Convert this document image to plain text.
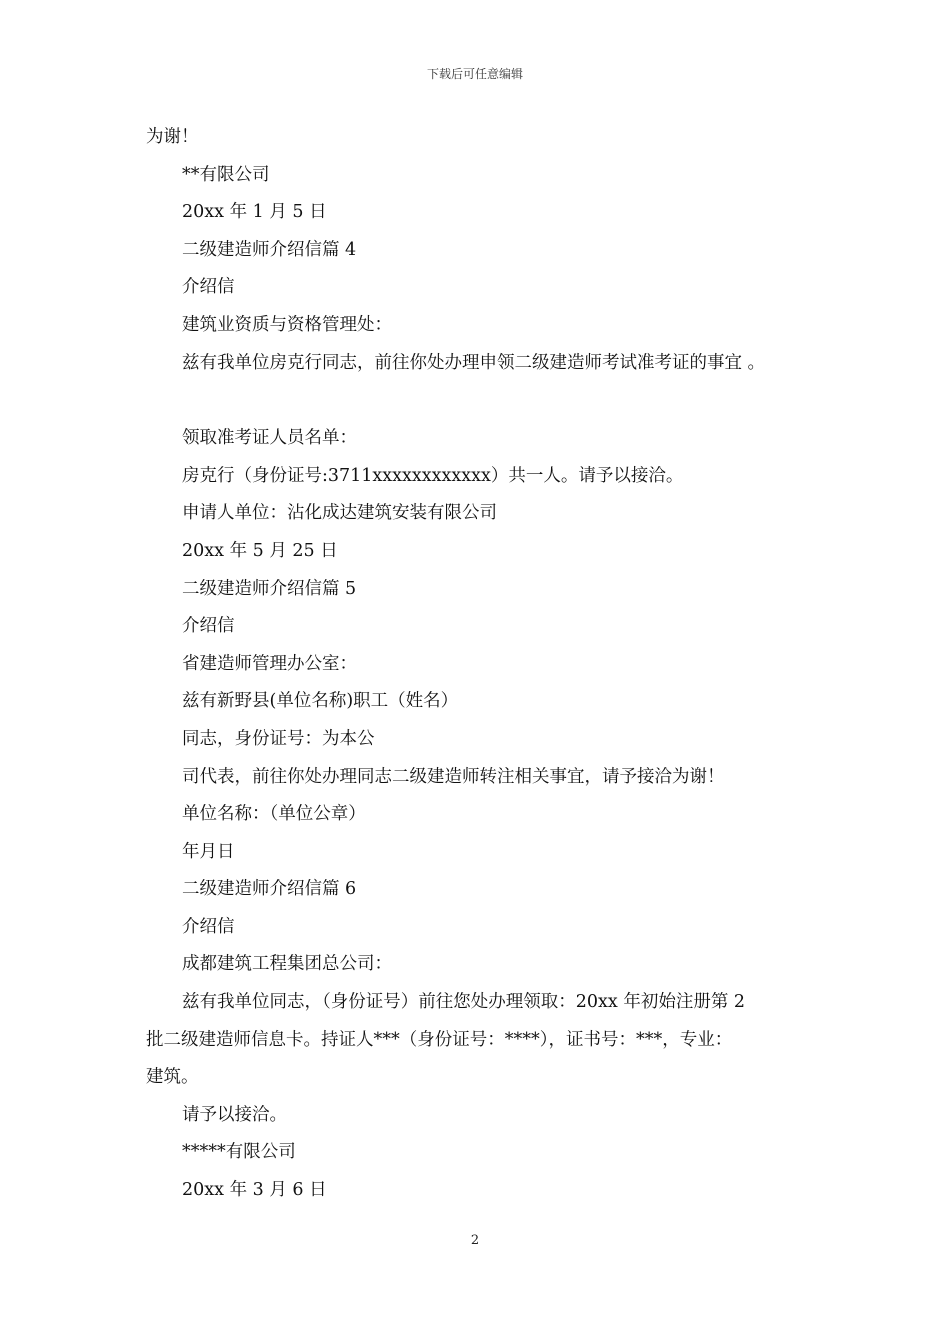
下载后可任意编辑

为谢！

**有限公司

20xx 年 1 月 5 日

二级建造师介绍信篇 4

介绍信

建筑业资质与资格管理处：

兹有我单位房克行同志，前往你处办理申领二级建造师考试准考证的事宜 。

领取准考证人员名单：

房克行（身份证号:3711xxxxxxxxxxxx）共一人。请予以接洽。

申请人单位：沾化成达建筑安装有限公司

20xx 年 5 月 25 日

二级建造师介绍信篇 5

介绍信

省建造师管理办公室：

兹有新野县(单位名称)职工（姓名）

同志，身份证号：为本公

司代表，前往你处办理同志二级建造师转注相关事宜，请予接洽为谢！

单位名称：（单位公章）

年月日

二级建造师介绍信篇 6

介绍信

成都建筑工程集团总公司：

兹有我单位同志，（身份证号）前往您处办理领取：20xx 年初始注册第 2

批二级建造师信息卡。持证人***（身份证号：****），证书号：***，专业：

建筑。

请予以接洽。

*****有限公司

20xx 年 3 月 6 日

2
